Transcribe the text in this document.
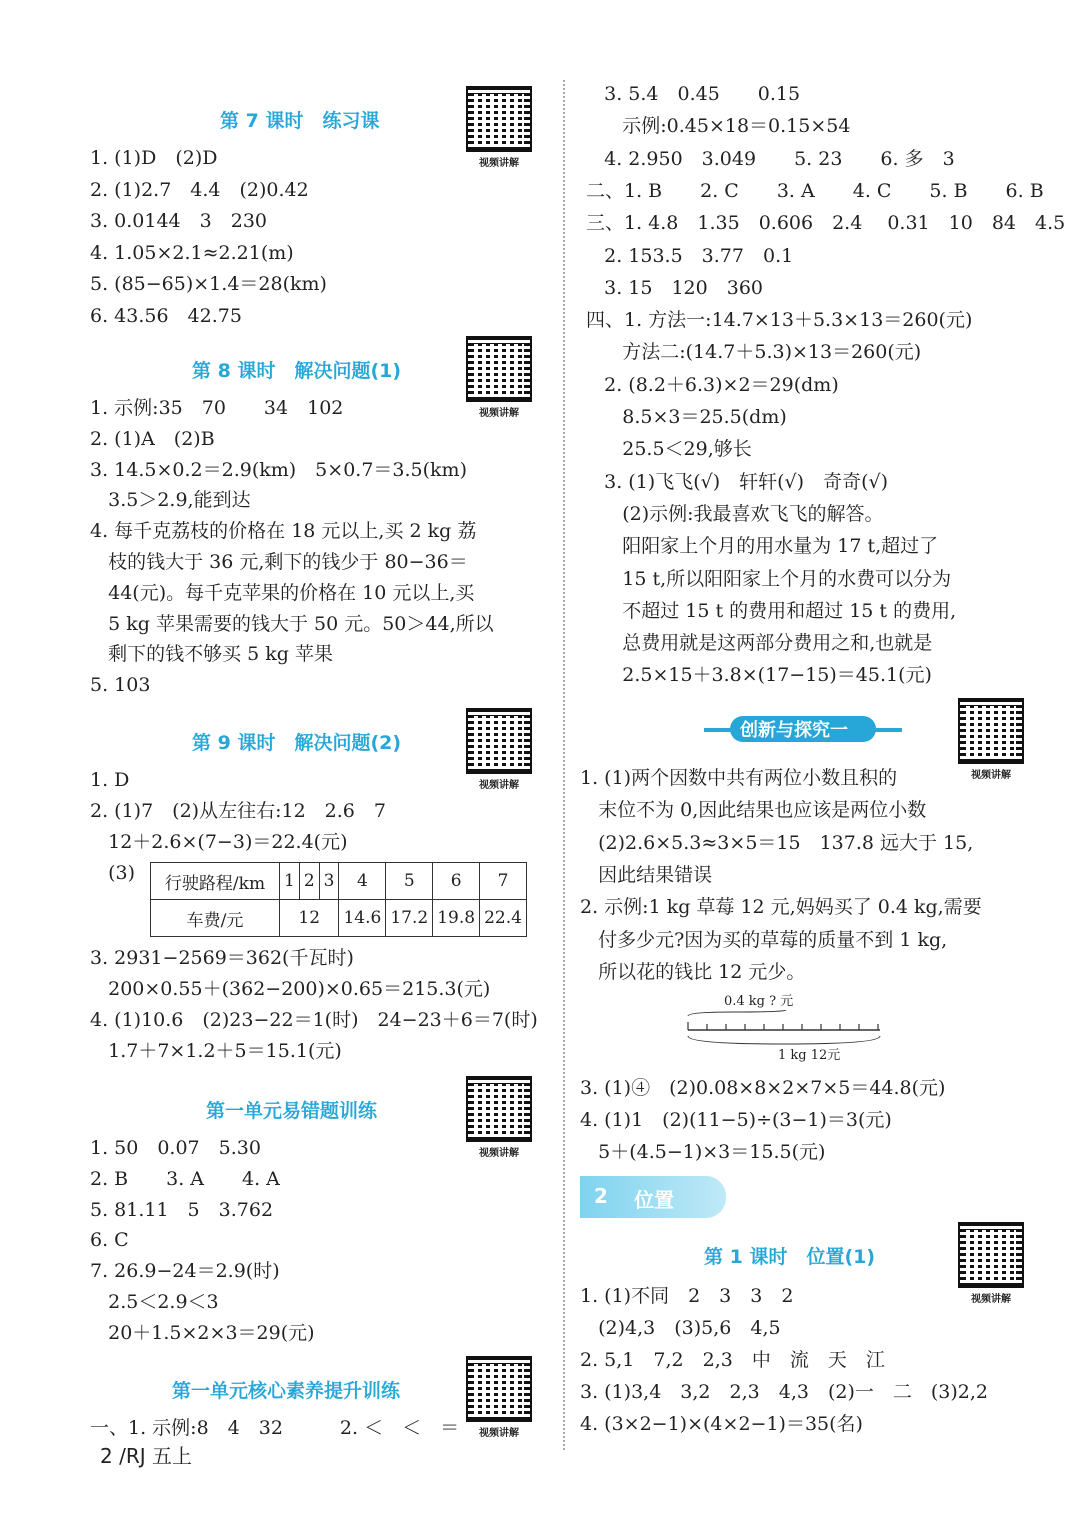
第 7 课时　练习课
视频讲解
1. (1)D　(2)D
2. (1)2.7　4.4　(2)0.42
3. 0.0144　3　230
4. 1.05×2.1≈2.21(m)
5. (85−65)×1.4＝28(km)
6. 43.56　42.75
第 8 课时　解决问题(1)
视频讲解
1. 示例:35　70　　34　102
2. (1)A　(2)B
3. 14.5×0.2＝2.9(km)　5×0.7＝3.5(km)
3.5＞2.9,能到达
4. 每千克荔枝的价格在 18 元以上,买 2 kg 荔
枝的钱大于 36 元,剩下的钱少于 80−36＝
44(元)。每千克苹果的价格在 10 元以上,买
5 kg 苹果需要的钱大于 50 元。50＞44,所以
剩下的钱不够买 5 kg 苹果
5. 103
第 9 课时　解决问题(2)
视频讲解
1. D
2. (1)7　(2)从左往右:12　2.6　7
12＋2.6×(7−3)＝22.4(元)
(3) 行驶路程/km	1	2	3	4	5	6	7
车费/元	12			14.6	17.2	19.8	22.4
3. 2931−2569＝362(千瓦时)
200×0.55＋(362−200)×0.65＝215.3(元)
4. (1)10.6　(2)23−22＝1(时)　24−23＋6＝7(时)
1.7＋7×1.2＋5＝15.1(元)
第一单元易错题训练
视频讲解
1. 50　0.07　5.30
2. B　　3. A　　4. A
5. 81.11　5　3.762
6. C
7. 26.9−24＝2.9(时)
2.5＜2.9＜3
20＋1.5×2×3＝29(元)
第一单元核心素养提升训练
视频讲解
一、1. 示例:8　4　32　　　2. ＜　＜　＝
3. 5.4　0.45　　0.15
示例:0.45×18＝0.15×54
4. 2.950　3.049　　5. 23　　6. 多　3
二、1. B　　2. C　　3. A　　4. C　　5. B　　6. B
三、1. 4.8　1.35　0.606　2.4　 0.31　10　84　4.5
2. 153.5　3.77　0.1
3. 15　120　360
四、1. 方法一:14.7×13＋5.3×13＝260(元)
方法二:(14.7＋5.3)×13＝260(元)
2. (8.2＋6.3)×2＝29(dm)
8.5×3＝25.5(dm)
25.5＜29,够长
3. (1)飞飞(√)　轩轩(√)　奇奇(√)
(2)示例:我最喜欢飞飞的解答。
阳阳家上个月的用水量为 17 t,超过了
15 t,所以阳阳家上个月的水费可以分为
不超过 15 t 的费用和超过 15 t 的费用,
总费用就是这两部分费用之和,也就是
2.5×15＋3.8×(17−15)＝45.1(元)
创新与探究一
视频讲解
1. (1)两个因数中共有两位小数且积的
末位不为 0,因此结果也应该是两位小数
(2)2.6×5.3≈3×5＝15　137.8 远大于 15,
因此结果错误
2. 示例:1 kg 草莓 12 元,妈妈买了 0.4 kg,需要
付多少元?因为买的草莓的质量不到 1 kg,
所以花的钱比 12 元少。
0.4 kg ? 元
1 kg 12元
3. (1)④　(2)0.08×8×2×7×5＝44.8(元)
4. (1)1　(2)(11−5)÷(3−1)＝3(元)
5＋(4.5−1)×3＝15.5(元)
2 位置
第 1 课时　位置(1)
视频讲解
1. (1)不同　2　3　3　2
(2)4,3　(3)5,6　4,5
2. 5,1　7,2　2,3　中　流　天　江
3. (1)3,4　3,2　2,3　4,3　(2)一　二　(3)2,2
4. (3×2−1)×(4×2−1)＝35(名)
2 /RJ 五上
